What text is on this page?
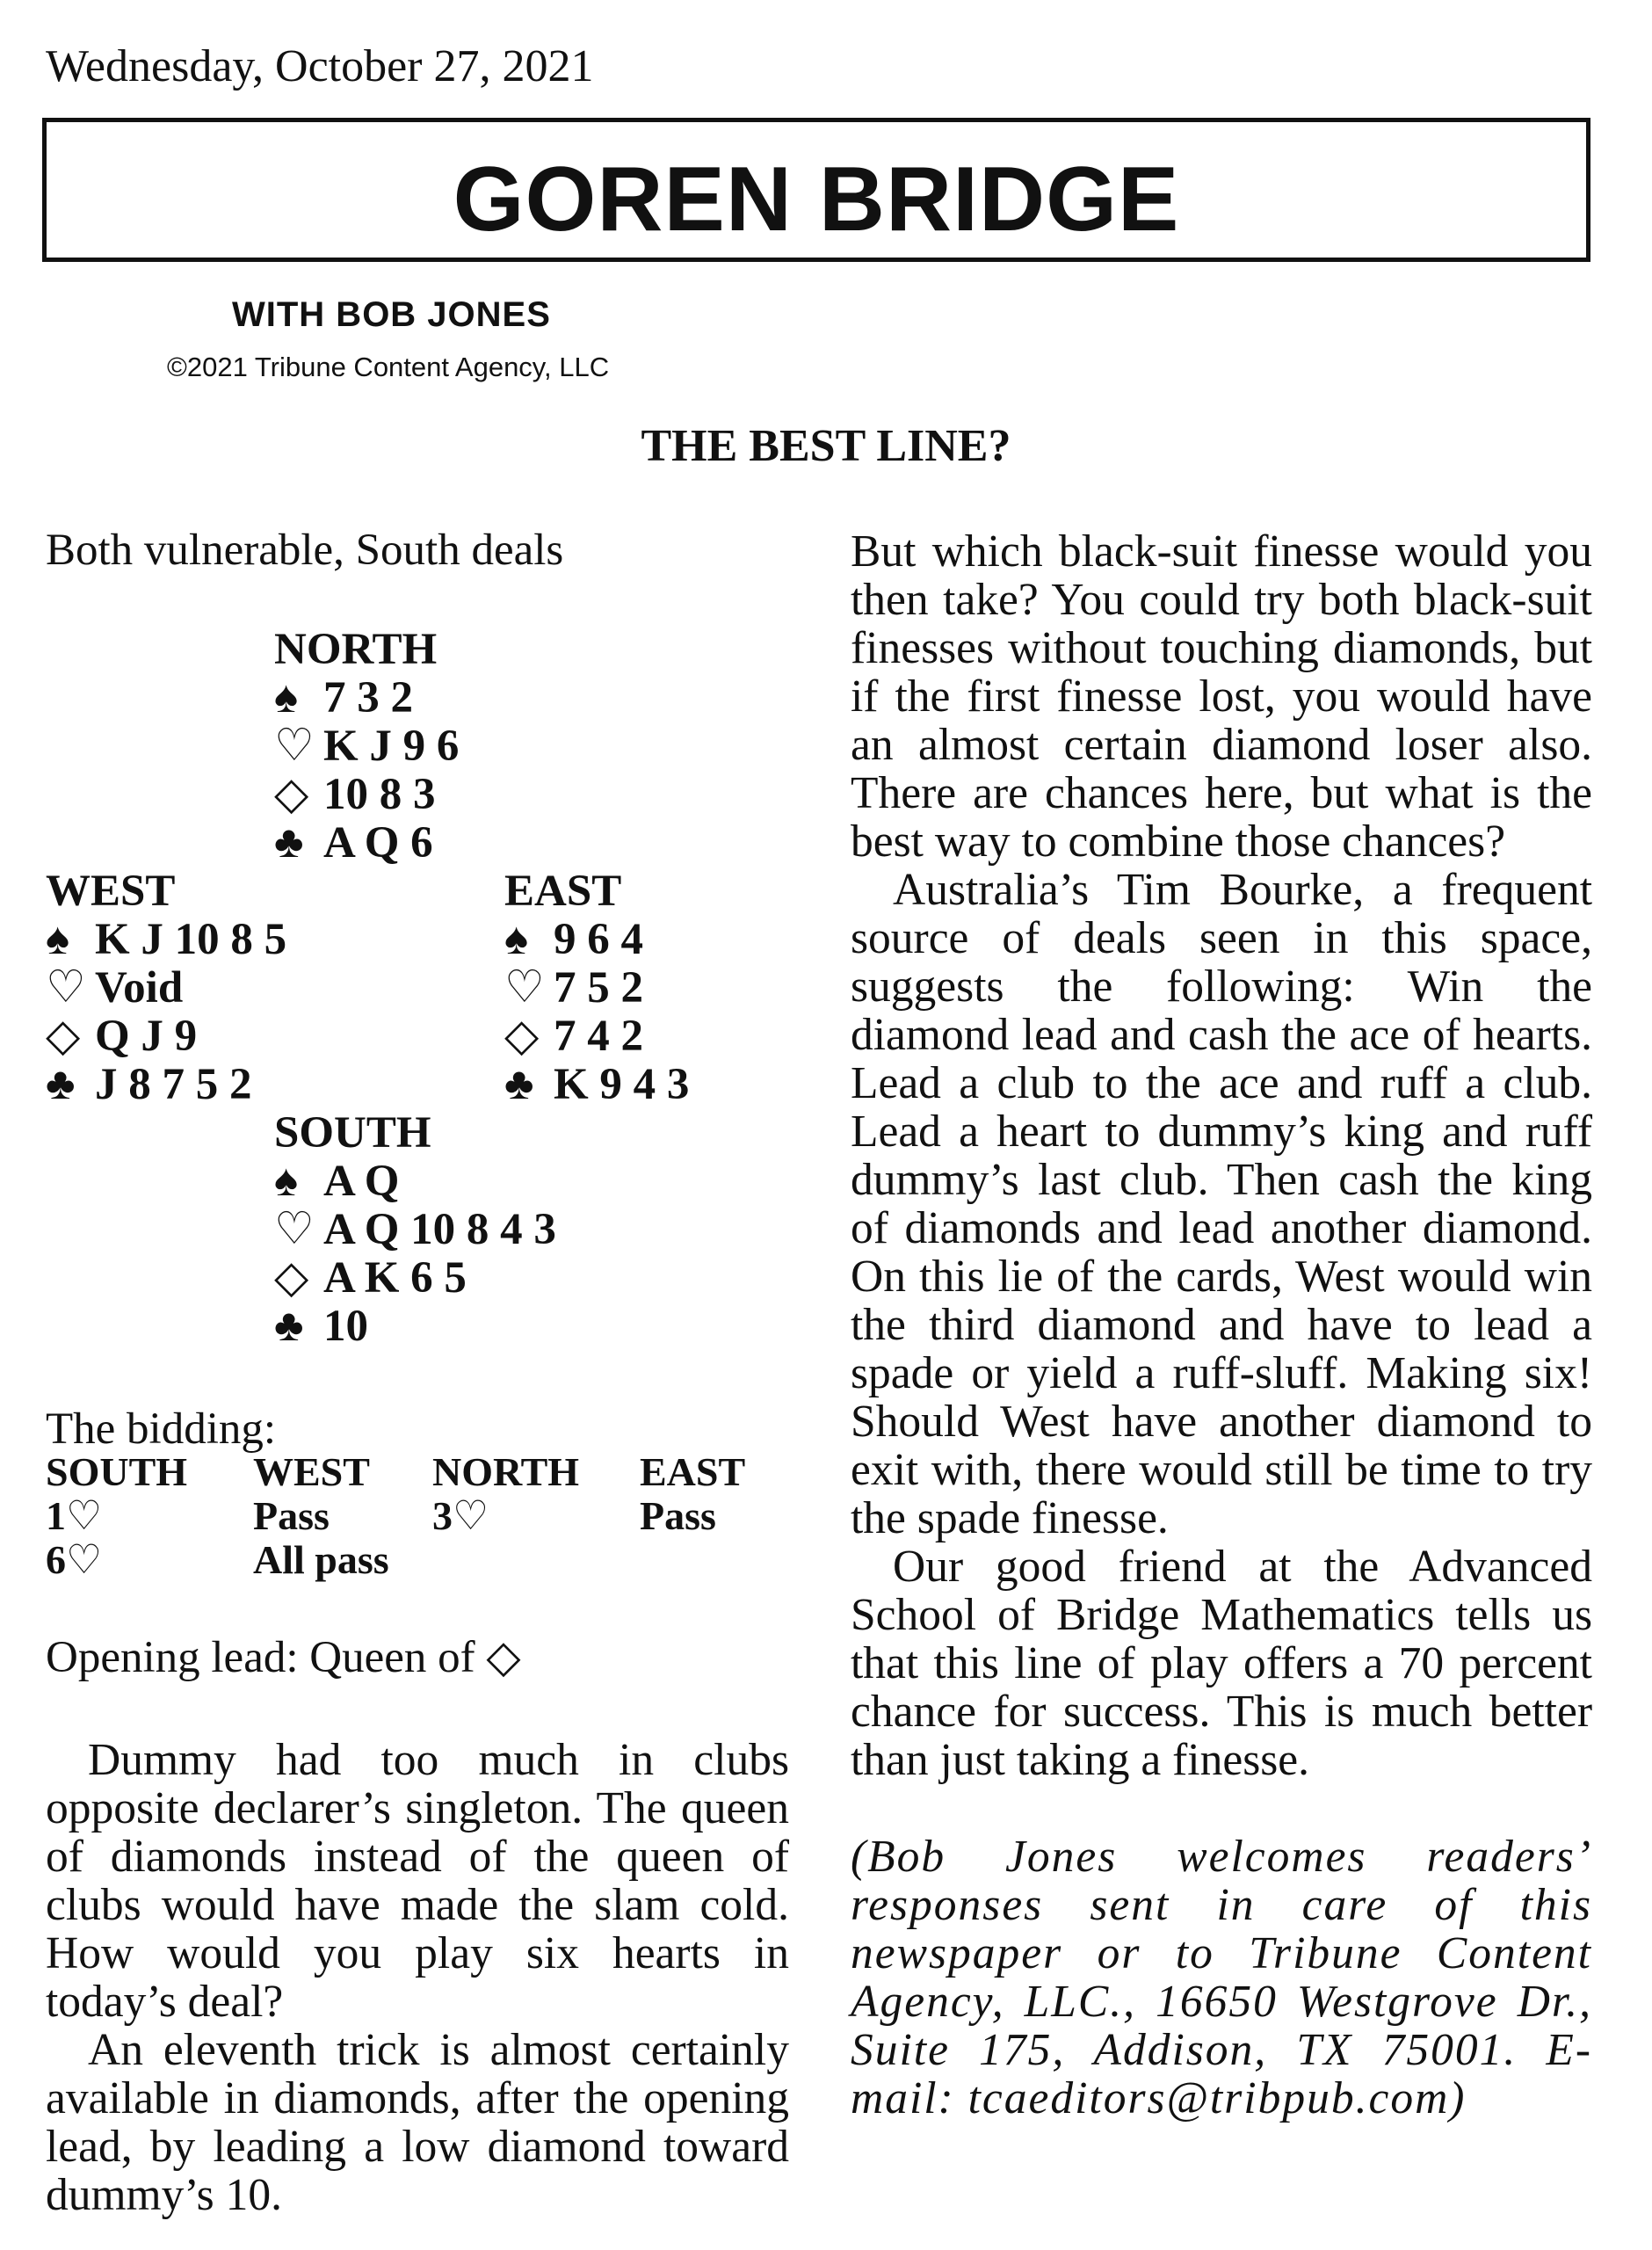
Wednesday, October 27, 2021
GOREN BRIDGE
WITH BOB JONES
©2021 Tribune Content Agency, LLC
THE BEST LINE?
Both vulnerable, South deals
NORTH
♠ 7 3 2
♡ K J 9 6
◇ 10 8 3
♣ A Q 6
WEST
♠ K J 10 8 5
♡ Void
◇ Q J 9
♣ J 8 7 5 2
EAST
♠ 9 6 4
♡ 7 5 2
◇ 7 4 2
♣ K 9 4 3
SOUTH
♠ A Q
♡ A Q 10 8 4 3
◇ A K 6 5
♣ 10
The bidding:
SOUTH	WEST	NORTH	EAST
1♡	Pass	3♡	Pass
6♡	All pass
Opening lead: Queen of ◇

Dummy had too much in clubs opposite declarer’s singleton. The queen of diamonds instead of the queen of clubs would have made the slam cold. How would you play six hearts in today’s deal?

An eleventh trick is almost certainly available in diamonds, after the opening lead, by leading a low diamond toward dummy’s 10.

But which black-suit finesse would you then take? You could try both black-suit finesses without touching diamonds, but if the first finesse lost, you would have an almost certain diamond loser also. There are chances here, but what is the best way to combine those chances?

Australia’s Tim Bourke, a frequent source of deals seen in this space, suggests the following: Win the diamond lead and cash the ace of hearts. Lead a club to the ace and ruff a club. Lead a heart to dummy’s king and ruff dummy’s last club. Then cash the king of diamonds and lead another diamond. On this lie of the cards, West would win the third diamond and have to lead a spade or yield a ruff-sluff. Making six! Should West have another diamond to exit with, there would still be time to try the spade finesse.

Our good friend at the Advanced School of Bridge Mathematics tells us that this line of play offers a 70 percent chance for success. This is much better than just taking a finesse.

(Bob Jones welcomes readers’ responses sent in care of this newspaper or to Tribune Content Agency, LLC., 16650 Westgrove Dr., Suite 175, Addison, TX 75001. E-mail: tcaeditors@tribpub.com)
